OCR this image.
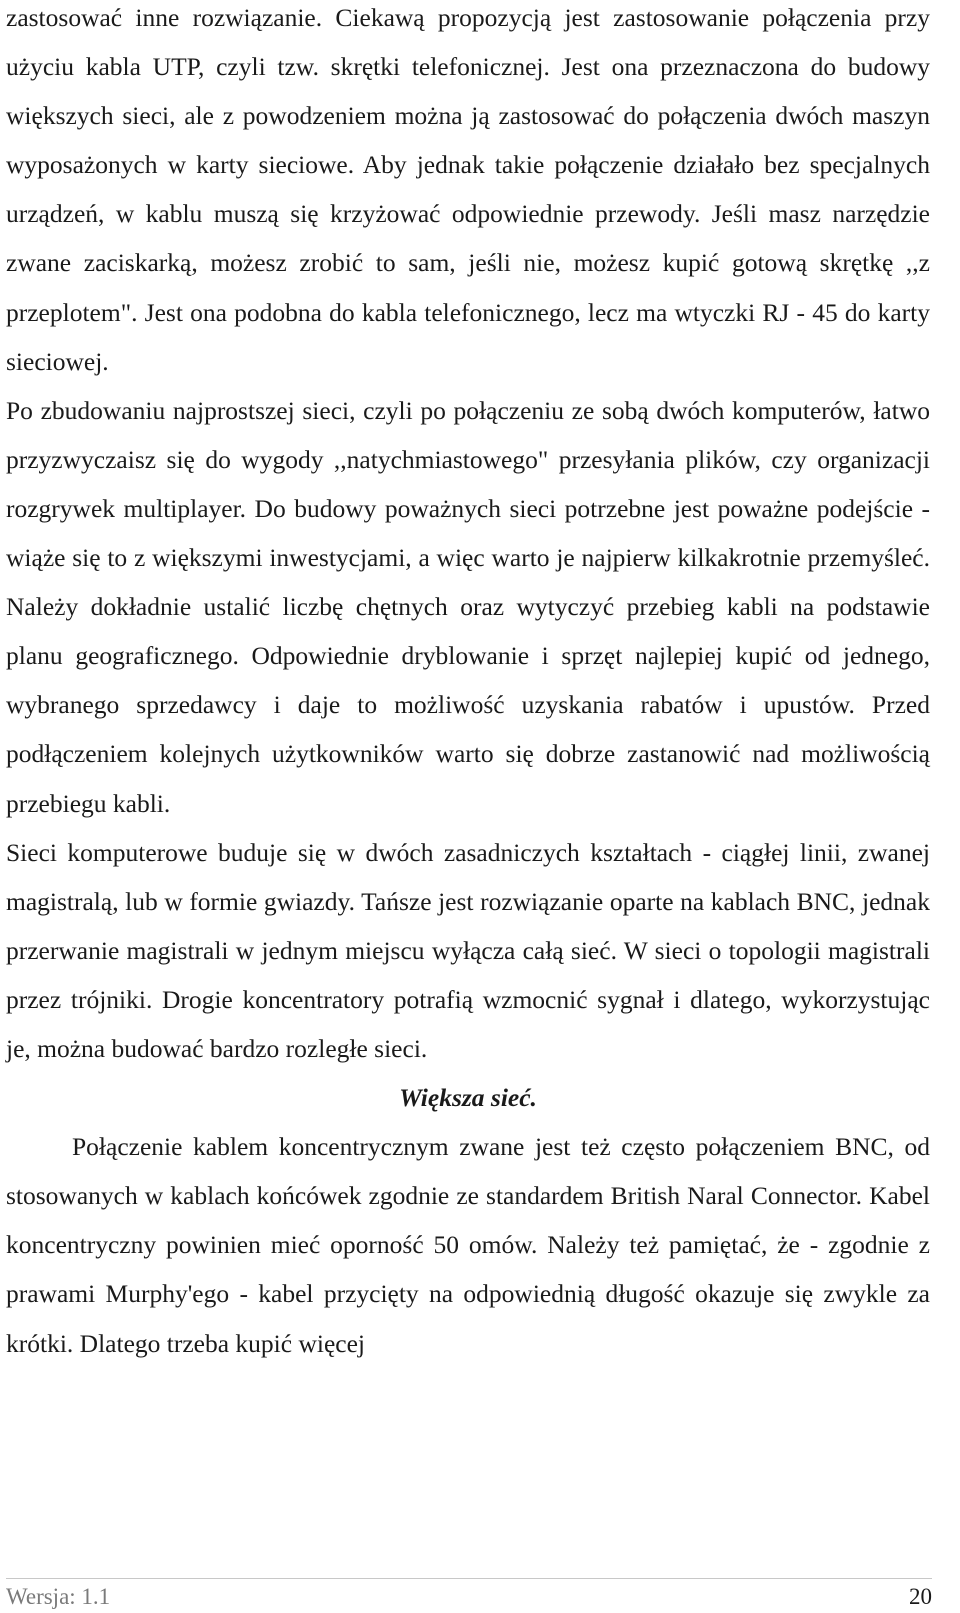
zastosować inne rozwiązanie. Ciekawą propozycją jest zastosowanie połączenia przy użyciu kabla UTP, czyli tzw. skrętki telefonicznej. Jest ona przeznaczona do budowy większych sieci, ale z powodzeniem można ją zastosować do połączenia dwóch maszyn wyposażonych w karty sieciowe. Aby jednak takie połączenie działało bez specjalnych urządzeń, w kablu muszą się krzyżować odpowiednie przewody. Jeśli masz narzędzie zwane zaciskarką, możesz zrobić to sam, jeśli nie, możesz kupić gotową skrętkę ,,z przeplotem". Jest ona podobna do kabla telefonicznego, lecz ma wtyczki RJ - 45 do karty sieciowej.

Po zbudowaniu najprostszej sieci, czyli po połączeniu ze sobą dwóch komputerów, łatwo przyzwyczaisz się do wygody ,,natychmiastowego" przesyłania plików, czy organizacji rozgrywek multiplayer. Do budowy poważnych sieci potrzebne jest poważne podejście - wiąże się to z większymi inwestycjami, a więc warto je najpierw kilkakrotnie przemyśleć. Należy dokładnie ustalić liczbę chętnych oraz wytyczyć przebieg kabli na podstawie planu geograficznego. Odpowiednie dryblowanie i sprzęt najlepiej kupić od jednego, wybranego sprzedawcy i daje to możliwość uzyskania rabatów i upustów. Przed podłączeniem kolejnych użytkowników warto się dobrze zastanowić nad możliwością przebiegu kabli.

Sieci komputerowe buduje się w dwóch zasadniczych kształtach - ciągłej linii, zwanej magistralą, lub w formie gwiazdy. Tańsze jest rozwiązanie oparte na kablach BNC, jednak przerwanie magistrali w jednym miejscu wyłącza całą sieć. W sieci o topologii magistrali przez trójniki. Drogie koncentratory potrafią wzmocnić sygnał i dlatego, wykorzystując je, można budować bardzo rozległe sieci.

Większa sieć.

Połączenie kablem koncentrycznym zwane jest też często połączeniem BNC, od stosowanych w kablach końcówek zgodnie ze standardem British Naral Connector. Kabel koncentryczny powinien mieć oporność 50 omów. Należy też pamiętać, że - zgodnie z prawami Murphy'ego - kabel przycięty na odpowiednią długość okazuje się zwykle za krótki. Dlatego trzeba kupić więcej

Wersja: 1.1	20
